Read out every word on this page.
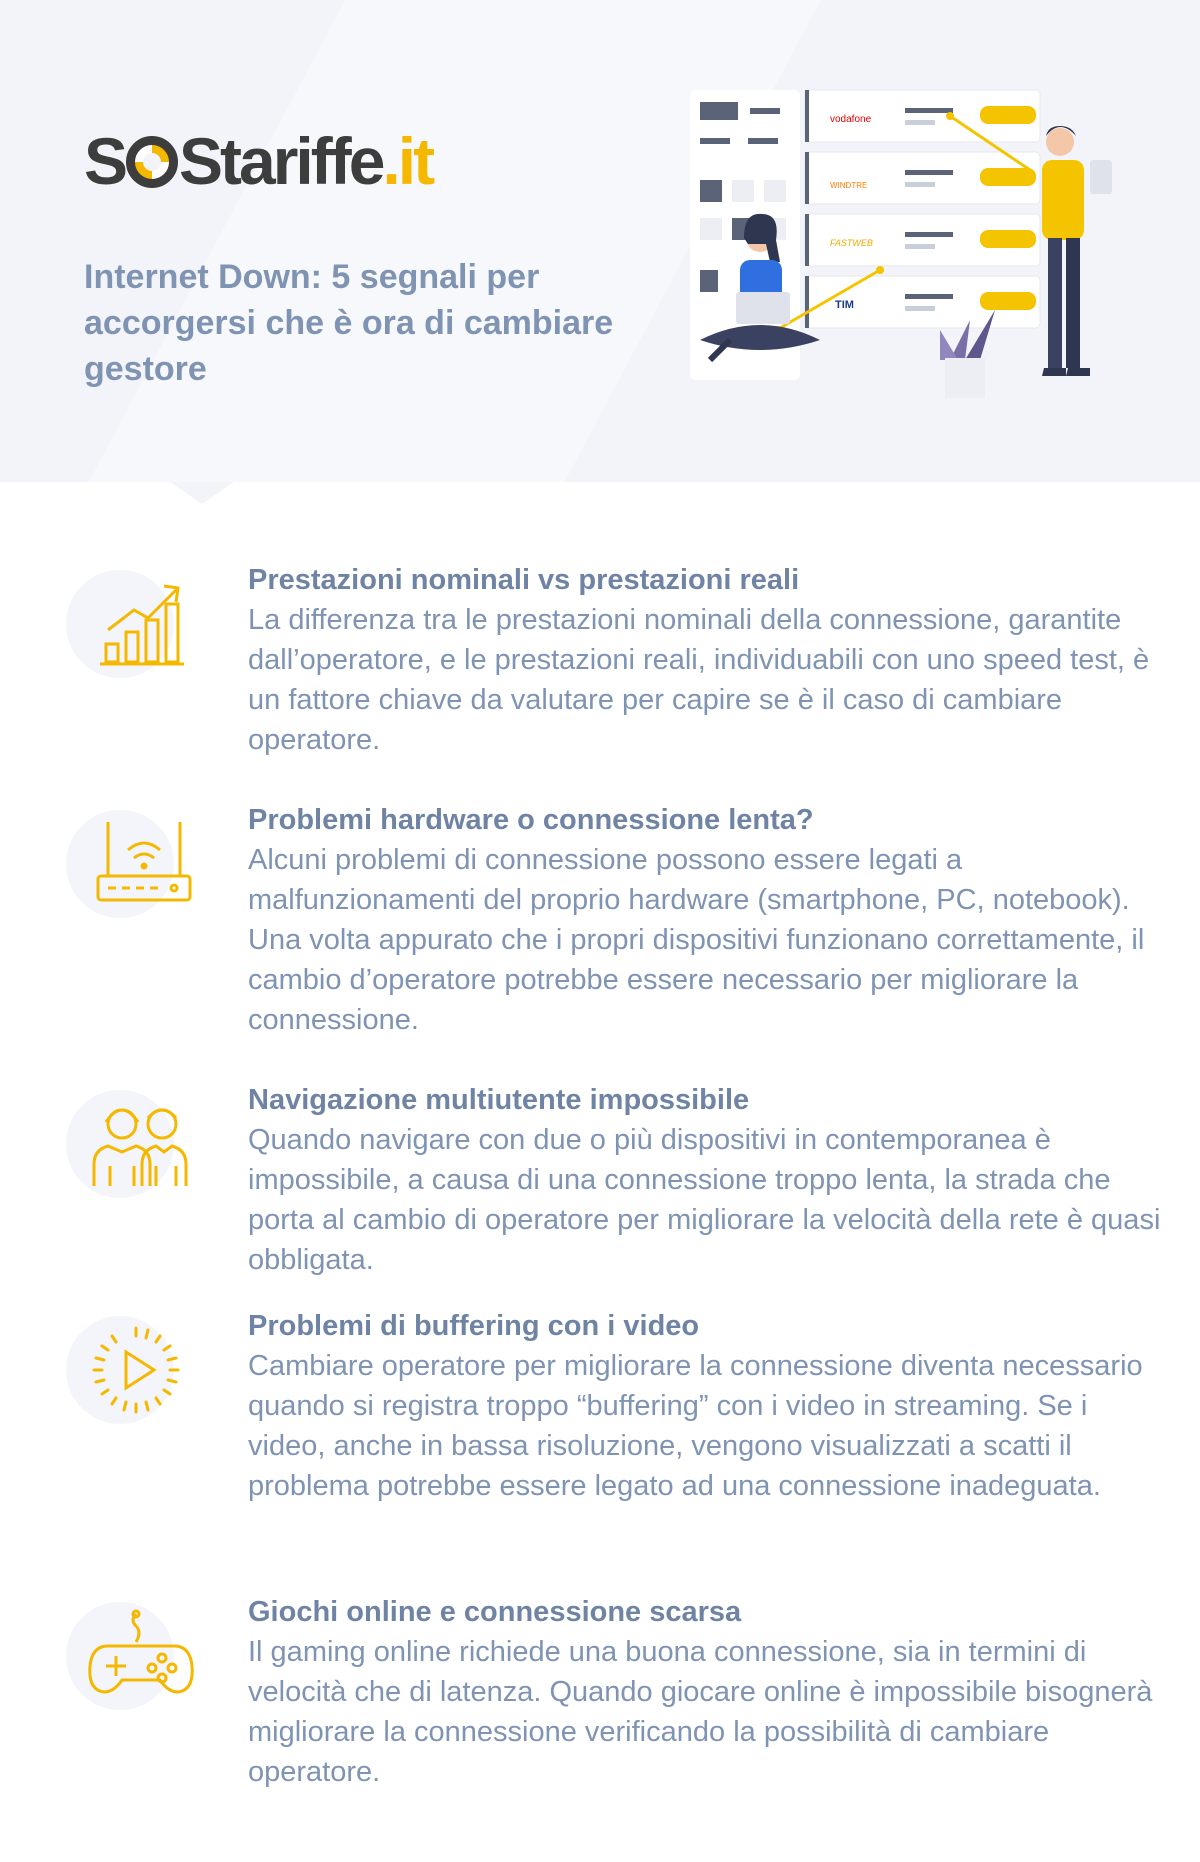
S Stariffe.it
Internet Down: 5 segnali per accorgersi che è ora di cambiare gestore
vodafone
WINDTRE
FASTWEB
TIM
Prestazioni nominali vs prestazioni reali

La differenza tra le prestazioni nominali della connessione, garantite dall’operatore, e le prestazioni reali, individuabili con uno speed test, è un fattore chiave da valutare per capire se è il caso di cambiare operatore.

Problemi hardware o connessione lenta?

Alcuni problemi di connessione possono essere legati a malfunzionamenti del proprio hardware (smartphone, PC, notebook). Una volta appurato che i propri dispositivi funzionano correttamente, il cambio d’operatore potrebbe essere necessario per migliorare la connessione.

Navigazione multiutente impossibile

Quando navigare con due o più dispositivi in contemporanea è impossibile, a causa di una connessione troppo lenta, la strada che porta al cambio di operatore per migliorare la velocità della rete è quasi obbligata.

Problemi di buffering con i video

Cambiare operatore per migliorare la connessione diventa necessario quando si registra troppo “buffering” con i video in streaming. Se i video, anche in bassa risoluzione, vengono visualizzati a scatti il problema potrebbe essere legato ad una connessione inadeguata.

Giochi online e connessione scarsa

Il gaming online richiede una buona connessione, sia in termini di velocità che di latenza. Quando giocare online è impossibile bisognerà migliorare la connessione verificando la possibilità di cambiare operatore.
